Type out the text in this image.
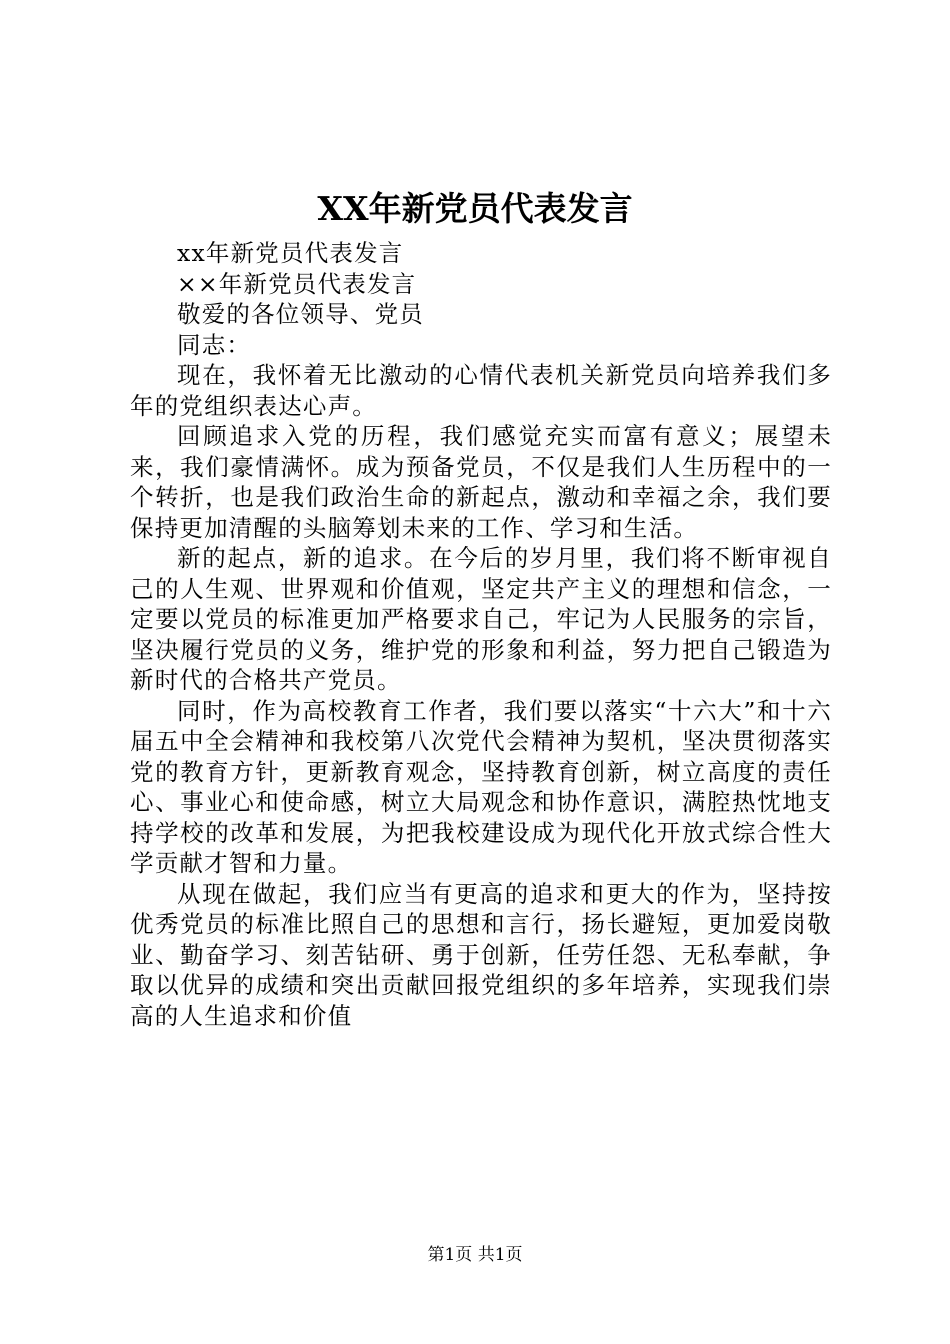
XX年新党员代表发言

xx年新党员代表发言

××年新党员代表发言

敬爱的各位领导、党员

同志：

现在，我怀着无比激动的心情代表机关新党员向培养我们多年的党组织表达心声。

回顾追求入党的历程，我们感觉充实而富有意义；展望未来，我们豪情满怀。成为预备党员，不仅是我们人生历程中的一个转折，也是我们政治生命的新起点，激动和幸福之余，我们要保持更加清醒的头脑筹划未来的工作、学习和生活。

新的起点，新的追求。在今后的岁月里，我们将不断审视自己的人生观、世界观和价值观，坚定共产主义的理想和信念，一定要以党员的标准更加严格要求自己，牢记为人民服务的宗旨，坚决履行党员的义务，维护党的形象和利益，努力把自己锻造为新时代的合格共产党员。

同时，作为高校教育工作者，我们要以落实“十六大”和十六届五中全会精神和我校第八次党代会精神为契机，坚决贯彻落实党的教育方针，更新教育观念，坚持教育创新，树立高度的责任心、事业心和使命感，树立大局观念和协作意识，满腔热忱地支持学校的改革和发展，为把我校建设成为现代化开放式综合性大学贡献才智和力量。

从现在做起，我们应当有更高的追求和更大的作为，坚持按优秀党员的标准比照自己的思想和言行，扬长避短，更加爱岗敬业、勤奋学习、刻苦钻研、勇于创新，任劳任怨、无私奉献，争取以优异的成绩和突出贡献回报党组织的多年培养，实现我们崇高的人生追求和价值

第1页 共1页
